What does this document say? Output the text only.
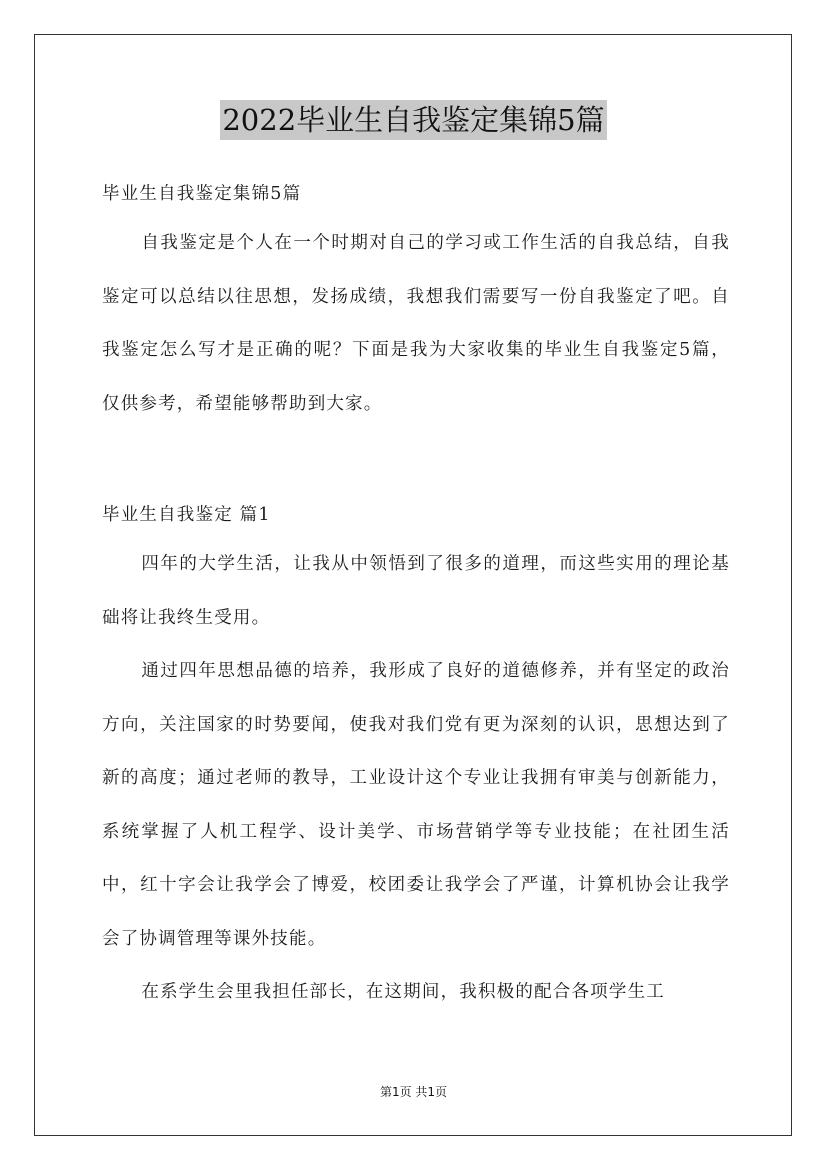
2022毕业生自我鉴定集锦5篇

毕业生自我鉴定集锦5篇

自我鉴定是个人在一个时期对自己的学习或工作生活的自我总结，自我鉴定可以总结以往思想，发扬成绩，我想我们需要写一份自我鉴定了吧。自我鉴定怎么写才是正确的呢？下面是我为大家收集的毕业生自我鉴定5篇，仅供参考，希望能够帮助到大家。

毕业生自我鉴定 篇1

四年的大学生活，让我从中领悟到了很多的道理，而这些实用的理论基础将让我终生受用。

通过四年思想品德的培养，我形成了良好的道德修养，并有坚定的政治方向，关注国家的时势要闻，使我对我们党有更为深刻的认识，思想达到了新的高度；通过老师的教导，工业设计这个专业让我拥有审美与创新能力，系统掌握了人机工程学、设计美学、市场营销学等专业技能；在社团生活中，红十字会让我学会了博爱，校团委让我学会了严谨，计算机协会让我学会了协调管理等课外技能。

在系学生会里我担任部长，在这期间，我积极的配合各项学生工

第1页 共1页
